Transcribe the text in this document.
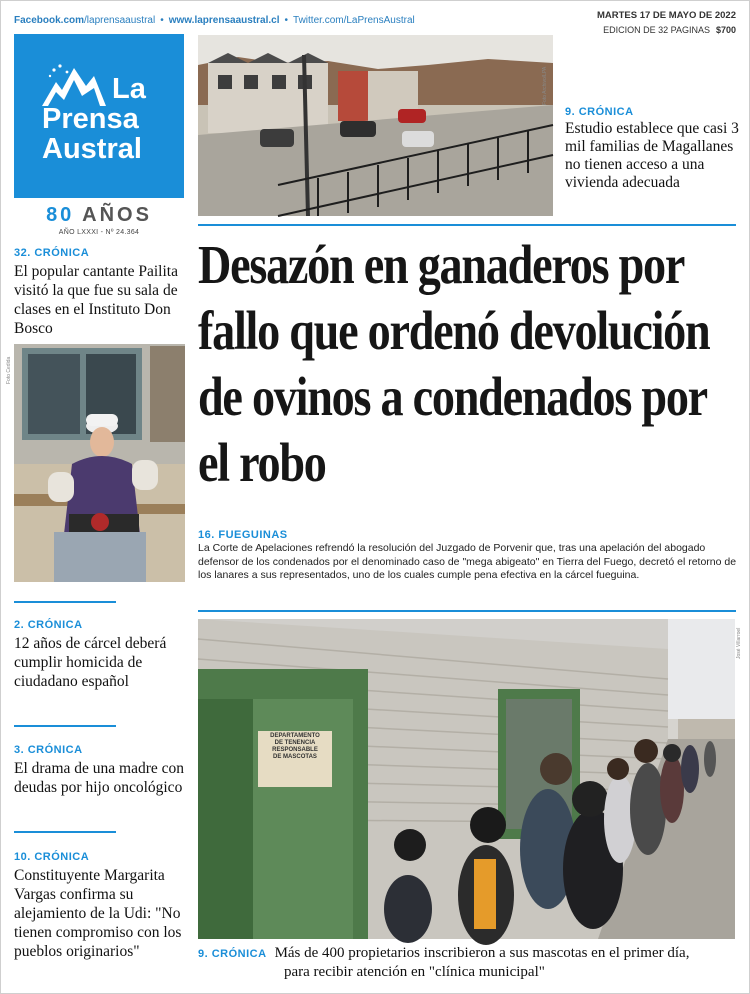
Facebook.com/laprensaaustral • www.laprensaaustral.cl • Twitter.com/LaPrensAustral	MARTES 17 DE MAYO DE 2022
EDICION DE 32 PAGINAS $700
La
Prensa
Austral
80 AÑOS
AÑO LXXXI - Nº 24.364
32. CRÓNICA
El popular cantante Pailita visitó la que fue su sala de clases en el Instituto Don Bosco
Foto Cedida
2. CRÓNICA
12 años de cárcel deberá cumplir homicida de ciudadano español
3. CRÓNICA
El drama de una madre con deudas por hijo oncológico
10. CRÓNICA
Constituyente Margarita Vargas confirma su alejamiento de la Udi: "No tienen compromiso con los pueblos originarios"
Foto Archivo/LPA
9. CRÓNICA
Estudio establece que casi 3 mil familias de Magallanes no tienen acceso a una vivienda adecuada
Desazón en ganaderos por fallo que ordenó devolución de ovinos a condenados por el robo
16. FUEGUINAS
La Corte de Apelaciones refrendó la resolución del Juzgado de Porvenir que, tras una apelación del abogado defensor de los condenados por el denominado caso de "mega abigeato" en Tierra del Fuego, decretó el retorno de los lanares a sus representados, uno de los cuales cumple pena efectiva en la cárcel fueguina.
DEPARTAMENTO
DE TENENCIA
RESPONSABLE
DE MASCOTAS
José Villarroel
9. CRÓNICA Más de 400 propietarios inscribieron a sus mascotas en el primer día,
para recibir atención en "clínica municipal"
